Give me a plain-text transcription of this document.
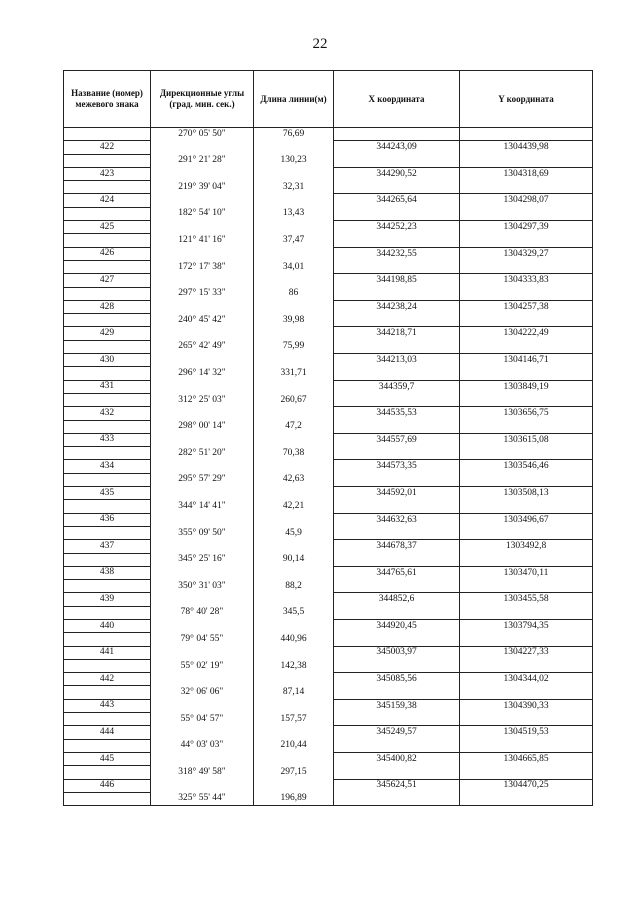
22
Название (номер) межевого знака	Дирекционные углы (град. мин. сек.)	Длина линии(м)	Х координата	Y координата
	270° 05' 50"	76,69		
422			344243,09	1304439,98
	291° 21' 28"	130,23		
423			344290,52	1304318,69
	219° 39' 04"	32,31		
424			344265,64	1304298,07
	182° 54' 10"	13,43		
425			344252,23	1304297,39
	121° 41' 16"	37,47		
426			344232,55	1304329,27
	172° 17' 38"	34,01		
427			344198,85	1304333,83
	297° 15' 33"	86		
428			344238,24	1304257,38
	240° 45' 42"	39,98		
429			344218,71	1304222,49
	265° 42' 49"	75,99		
430			344213,03	1304146,71
	296° 14' 32"	331,71		
431			344359,7	1303849,19
	312° 25' 03"	260,67		
432			344535,53	1303656,75
	298° 00' 14"	47,2		
433			344557,69	1303615,08
	282° 51' 20"	70,38		
434			344573,35	1303546,46
	295° 57' 29"	42,63		
435			344592,01	1303508,13
	344° 14' 41"	42,21		
436			344632,63	1303496,67
	355° 09' 50"	45,9		
437			344678,37	1303492,8
	345° 25' 16"	90,14		
438			344765,61	1303470,11
	350° 31' 03"	88,2		
439			344852,6	1303455,58
	78° 40' 28"	345,5		
440			344920,45	1303794,35
	79° 04' 55"	440,96		
441			345003,97	1304227,33
	55° 02' 19"	142,38		
442			345085,56	1304344,02
	32° 06' 06"	87,14		
443			345159,38	1304390,33
	55° 04' 57"	157,57		
444			345249,57	1304519,53
	44° 03' 03"	210,44		
445			345400,82	1304665,85
	318° 49' 58"	297,15		
446			345624,51	1304470,25
	325° 55' 44"	196,89		
